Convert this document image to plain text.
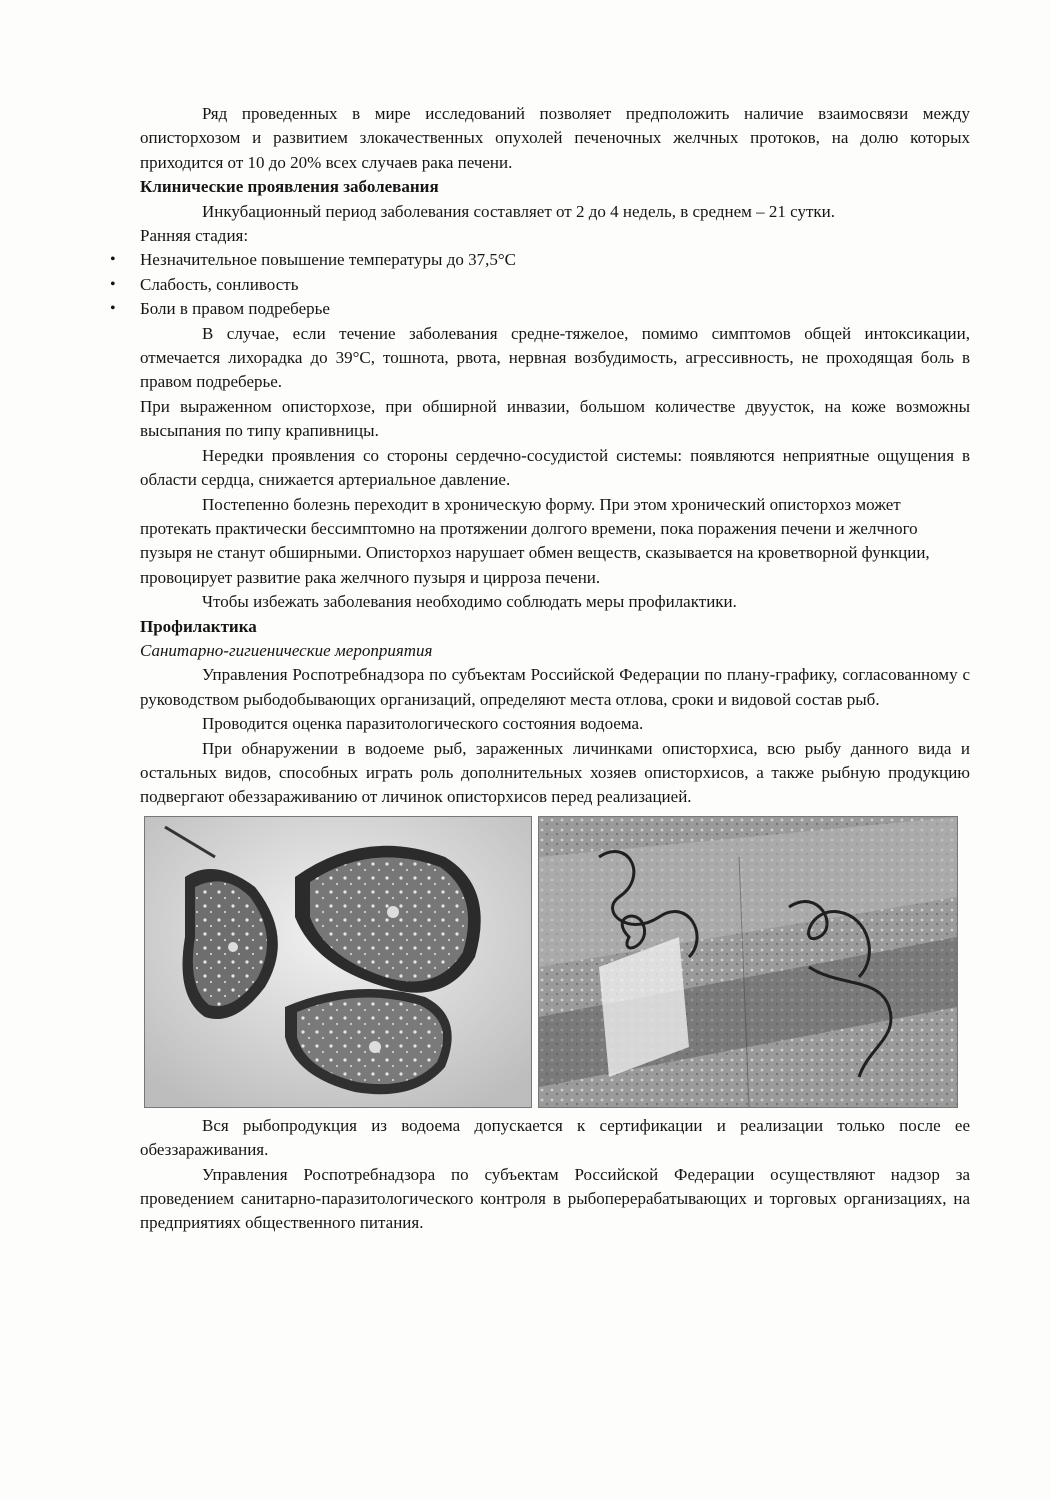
Ряд проведенных в мире исследований позволяет предположить наличие взаимосвязи между описторхозом и развитием злокачественных опухолей печеночных желчных протоков, на долю которых приходится от 10 до 20% всех случаев рака печени.

Клинические проявления заболевания

Инкубационный период заболевания составляет от 2 до 4 недель, в среднем – 21 сутки.

Ранняя стадия:

• Незначительное повышение температуры до 37,5°С
• Слабость, сонливость
• Боли в правом подреберье

В случае, если течение заболевания средне-тяжелое, помимо симптомов общей интоксикации, отмечается лихорадка до 39°С, тошнота, рвота, нервная возбудимость, агрессивность, не проходящая боль в правом подреберье.

При выраженном описторхозе, при обширной инвазии, большом количестве двуусток, на коже возможны высыпания по типу крапивницы.

Нередки проявления со стороны сердечно-сосудистой системы: появляются неприятные ощущения в области сердца, снижается артериальное давление.

Постепенно болезнь переходит в хроническую форму. При этом хронический описторхоз может протекать практически бессимптомно на протяжении долгого времени, пока поражения печени и желчного пузыря не станут обширными. Описторхоз нарушает обмен веществ, сказывается на кроветворной функции, провоцирует развитие рака желчного пузыря и цирроза печени.

Чтобы избежать заболевания необходимо соблюдать меры профилактики.

Профилактика

Санитарно-гигиенические мероприятия

Управления Роспотребнадзора по субъектам Российской Федерации по плану-графику, согласованному с руководством рыбодобывающих организаций, определяют места отлова, сроки и видовой состав рыб.

Проводится оценка паразитологического состояния водоема.

При обнаружении в водоеме рыб, зараженных личинками описторхиса, всю рыбу данного вида и остальных видов, способных играть роль дополнительных хозяев описторхисов, а также рыбную продукцию подвергают обеззараживанию от личинок описторхисов перед реализацией.

Вся рыбопродукция из водоема допускается к сертификации и реализации только после ее обеззараживания.

Управления Роспотребнадзора по субъектам Российской Федерации осуществляют надзор за проведением санитарно-паразитологического контроля в рыбоперерабатывающих и торговых организациях, на предприятиях общественного питания.
